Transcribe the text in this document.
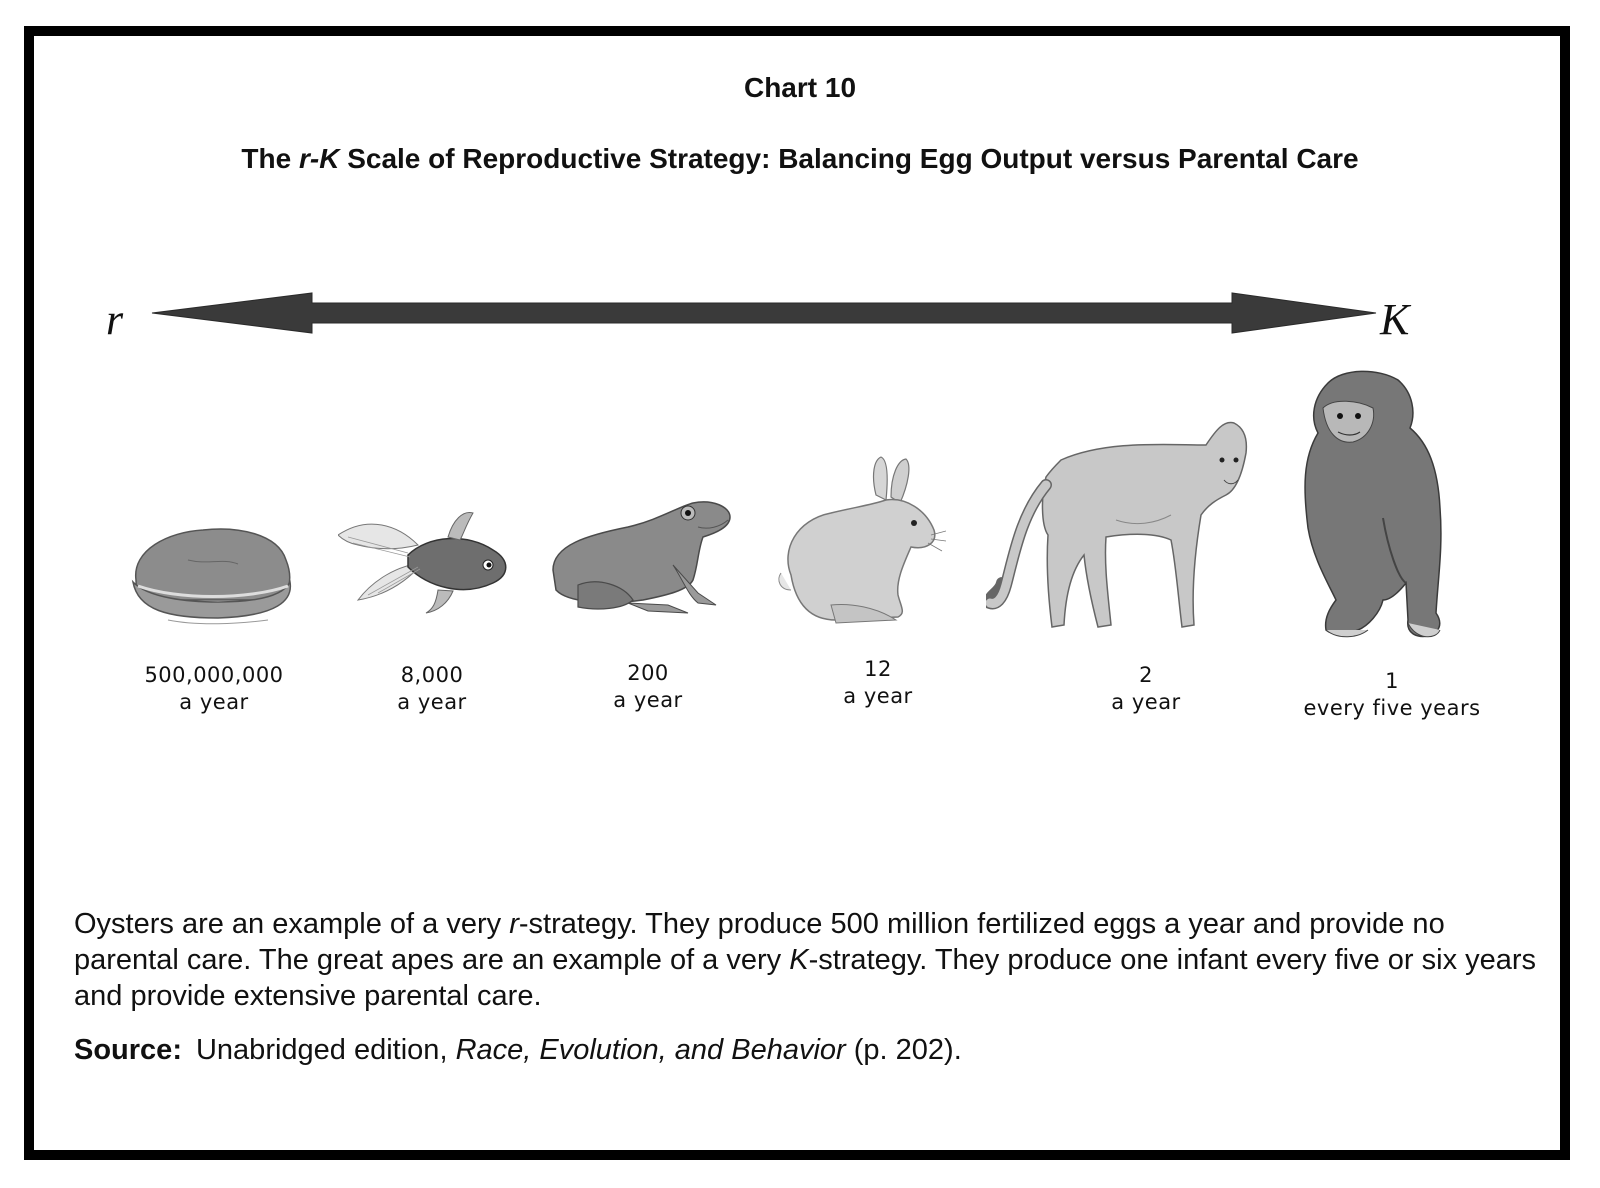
Chart 10
The r-K Scale of Reproductive Strategy: Balancing Egg Output versus Parental Care
r	K
500,000,000
a year
8,000
a year
200
a year
12
a year
2
a year
1
every five years
Oysters are an example of a very r-strategy. They produce 500 million fertilized eggs a year and provide no parental care. The great apes are an example of a very K-strategy. They produce one infant every five or six years and provide extensive parental care.
Source: Unabridged edition, Race, Evolution, and Behavior (p. 202).
